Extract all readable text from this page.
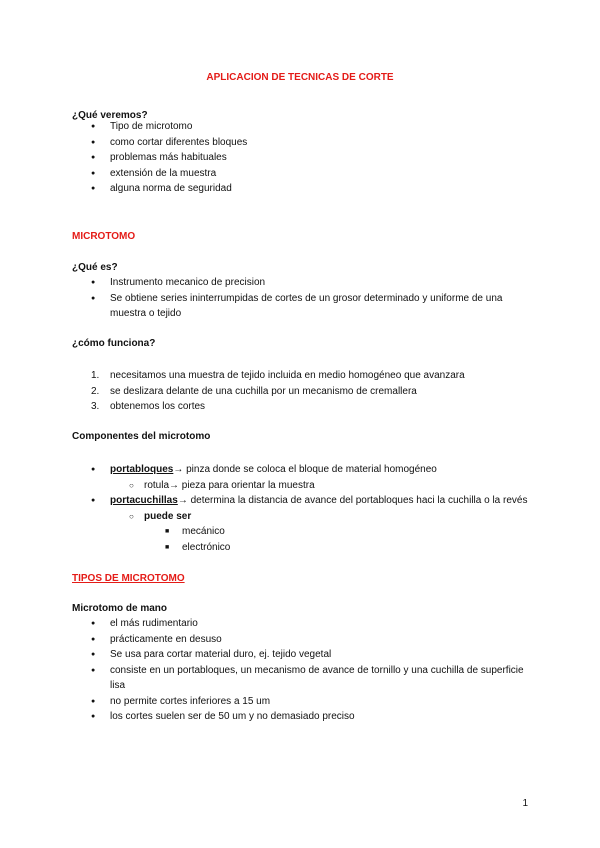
APLICACION DE TECNICAS DE CORTE
¿Qué veremos?
● Tipo de microtomo
● como cortar diferentes bloques
● problemas más habituales
● extensión de la muestra
● alguna norma de seguridad
MICROTOMO
¿Qué es?
● Instrumento mecanico de precision
● Se obtiene series ininterrumpidas de cortes de un grosor determinado y uniforme de una
muestra o tejido
¿cómo funciona?
1. necesitamos una muestra de tejido incluida en medio homogéneo que avanzara
2. se deslizara delante de una cuchilla por un mecanismo de cremallera
3. obtenemos los cortes
Componentes del microtomo
● portabloques→ pinza donde se coloca el bloque de material homogéneo
○ rotula→ pieza para orientar la muestra
● portacuchillas→ determina la distancia de avance del portabloques haci la cuchilla o la revés
○ puede ser
■ mecánico
■ electrónico
TIPOS DE MICROTOMO
Microtomo de mano
● el más rudimentario
● prácticamente en desuso
● Se usa para cortar material duro, ej. tejido vegetal
● consiste en un portabloques, un mecanismo de avance de tornillo y una cuchilla de superficie
lisa
● no permite cortes inferiores a 15 um
● los cortes suelen ser de 50 um y no demasiado preciso
1
